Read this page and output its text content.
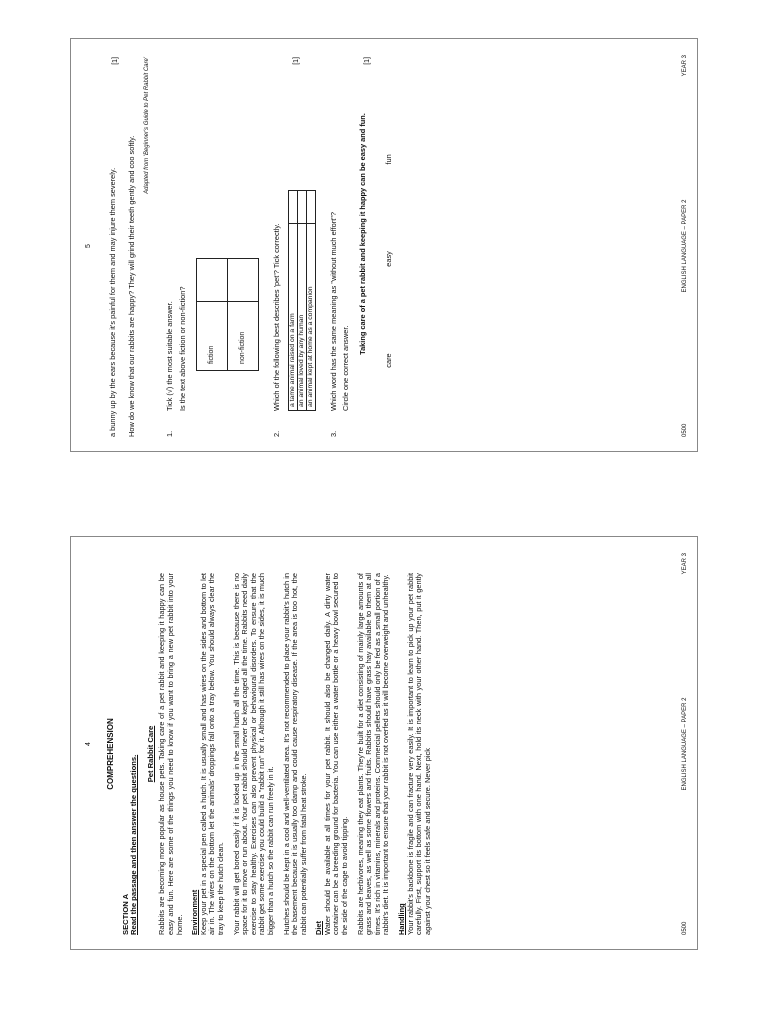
5 a bunny up by the ears because it's painful for them and may injure them severely. How do we know that our rabbits are happy? They will grind their teeth gently and coo softly.

Adapted from 'Beginner's Guide to Pet Rabbit Care'

1.
Tick (√) the most suitable answer. Is the text above fiction or non-fiction?
[1]
fiction	
non-fiction	
2.
Which of the following best describes 'pet'? Tick correctly. a tame animal raised on a farm	
an animal loved by any human	
an animal kept at home as a companion	
[1]
3.
Which word has the same meaning as "without much effort"? Circle one correct answer.
Taking care of a pet rabbit and keeping it happy can be easy and fun.
care
easy
fun
[1]
0500
ENGLISH LANGUAGE – PAPER 2
YEAR 3
4 COMPREHENSION

SECTION A Read the passage and then answer the questions.

Pet Rabbit Care Rabbits are becoming more popular as house pets. Taking care of a pet rabbit and keeping it happy can be easy and fun. Here are some of the things you need to know if you want to bring a new pet rabbit into your home. Environment Keep your pet in a special pen called a hutch. It is usually small and has wires on the sides and bottom to let air in. The wires on the bottom let the animals' droppings fall onto a tray below. You should always clear the tray to keep the hutch clean. Your rabbit will get bored easily if it is locked up in the small hutch all the time. This is because there is no space for it to move or run about. Your pet rabbit should never be kept caged all the time. Rabbits need daily exercise to stay healthy. Exercises can also prevent physical or behavioural disorders. To ensure that the rabbit get some exercise you could build a "rabbit run" for it. Although it still has wires on the sides, it is much bigger than a hutch so the rabbit can run freely in it. Hutches should be kept in a cool and well-ventilated area. It's not recommended to place your rabbit's hutch in the basement because it is usually too damp and could cause respiratory disease. If the area is too hot, the rabbit can potentially suffer from fatal heat stroke. Diet Water should be available at all times for your pet rabbit. It should also be changed daily. A dirty water container can be a breeding ground for bacteria. You can use either a water bottle or a heavy bowl secured to the side of the cage to avoid tipping. Rabbits are herbivores, meaning they eat plants. They're built for a diet consisting of mainly large amounts of grass and leaves, as well as some flowers and fruits. Rabbits should have grass hay available to them at all times. It's rich in vitamins, minerals and proteins. Commercial pellets should only be fed as a small portion of a rabbit's diet. It is important to ensure that your rabbit is not overfed as it will become overweight and unhealthy. Handling Your rabbit's backbone is fragile and can fracture very easily. It is important to learn to pick up your pet rabbit carefully. First, support its bottom with one hand. Next, hold its neck with your other hand. Then, put it gently against your chest so it feels safe and secure. Never pick	0500
ENGLISH LANGUAGE – PAPER 2
YEAR 3
